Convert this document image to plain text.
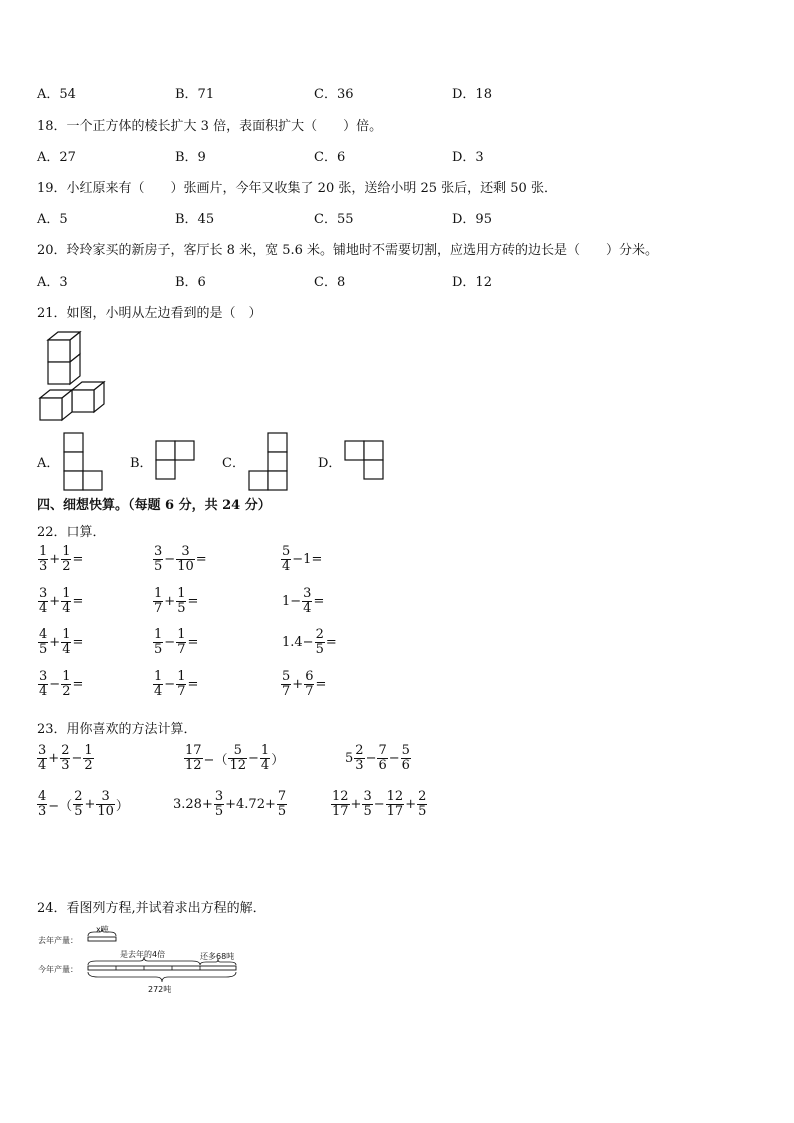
A．54	B．71	C．36	D．18
18．一个正方体的棱长扩大 3 倍，表面积扩大（　　）倍。
A．27	B．9	C．6	D．3
19．小红原来有（　　）张画片，今年又收集了 20 张，送给小明 25 张后，还剩 50 张．
A．5	B．45	C．55	D．95
20．玲玲家买的新房子，客厅长 8 米，宽 5.6 米。铺地时不需要切割，应选用方砖的边长是（　　）分米。
A．3	B．6	C．8	D．12
21．如图，小明从左边看到的是（　）
A．	B．	C．	D．
四、细想快算。（每题 6 分，共 24 分）
22．口算．
$\frac{1}{3} + \frac{1}{2}$ =	$\frac{3}{5} - \frac{3}{10}$ =	$\frac{5}{4} -1=$
$\frac{3}{4} + \frac{1}{4}$ =	$\frac{1}{7} + \frac{1}{5}$ =	$1- \frac{3}{4}$ =
$\frac{4}{5} + \frac{1}{4}$ =	$\frac{1}{5} - \frac{1}{7}$ =	$1.4- \frac{2}{5}$ =
$\frac{3}{4} - \frac{1}{2}$ =	$\frac{1}{4} - \frac{1}{7}$ =	$\frac{5}{7} + \frac{6}{7}$ =
23．用你喜欢的方法计算．
$\frac{3}{4} + \frac{2}{3} - \frac{1}{2}$	$\frac{17}{12}$ −（ $\frac{5}{12} - \frac{1}{4}$ ）	$5 \frac{2}{3} - \frac{7}{6} - \frac{5}{6}$
$\frac{4}{3}$ −（ $\frac{2}{5} + \frac{3}{10}$ ）	$3.28+ \frac{3}{5} +4.72+ \frac{7}{5}$	$\frac{12}{17} + \frac{3}{5} - \frac{12}{17} + \frac{2}{5}$
24．看图列方程,并试着求出方程的解．
去年产量：
x吨
今年产量：
是去年的4倍	还多68吨
272吨
